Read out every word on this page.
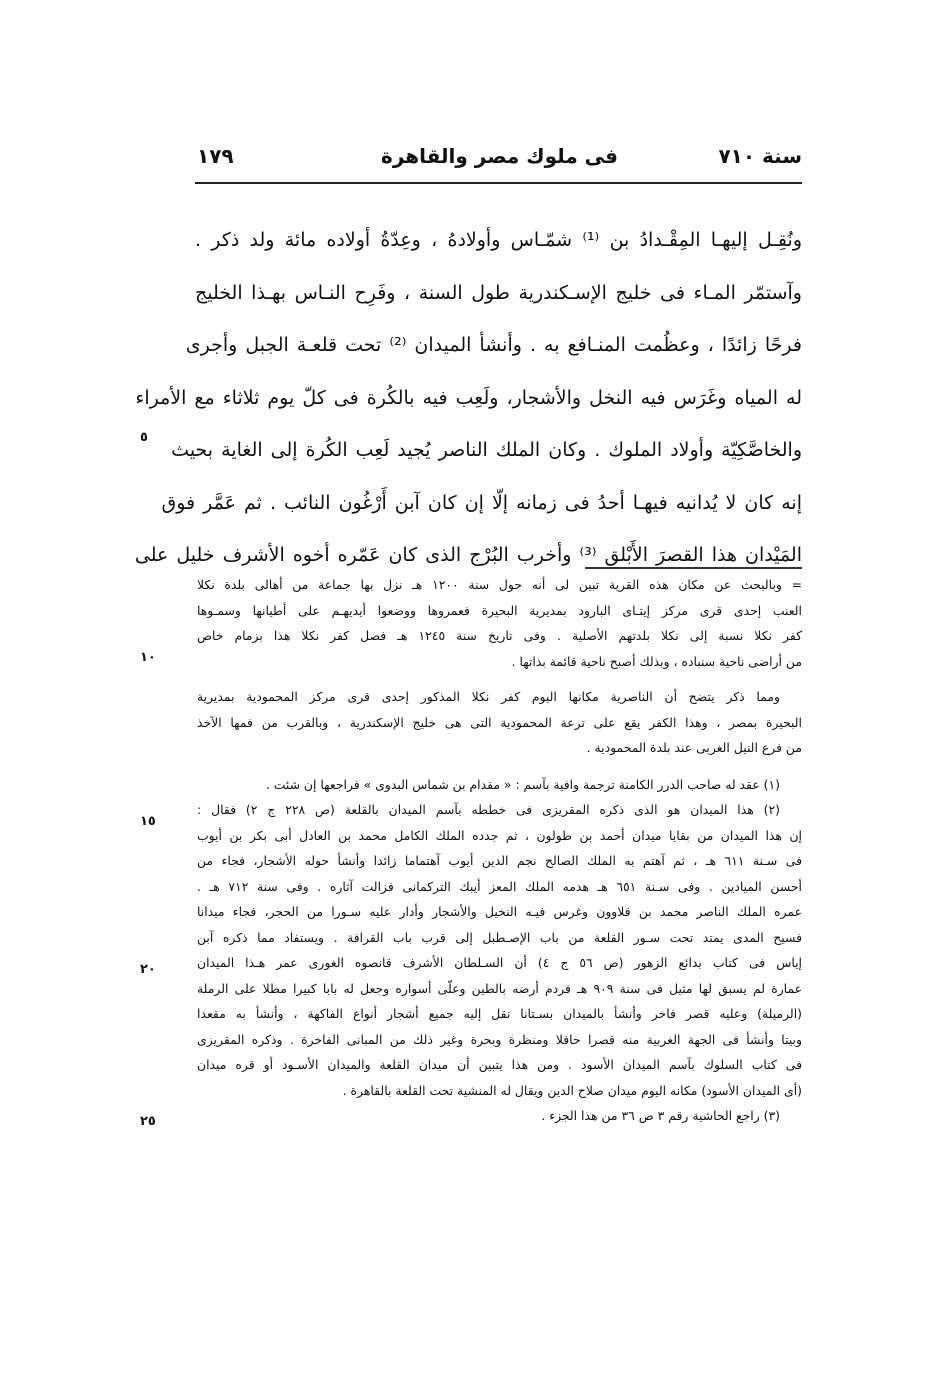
سنة ٧١٠
فى ملوك مصر والقاهرة
١٧٩
ونُقِـل إليهـا المِقْـدادُ بن ⁽¹⁾ شمّـاس وأولادهُ ، وعِدّةُ أولاده مائة ولد ذكر .
وآستمّر المـاء فى خليج الإسـكندرية طول السنة ، وفَرِح النـاس بهـذا الخليج
فرحًا زائدًا ، وعظُمت المنـافع به . وأنشأ الميدان ⁽²⁾ تحت قلعـة الجبل وأجرى
له المياه وغَرَس فيه النخل والأشجار، ولَعِب فيه بالكُرة فى كلّ يوم ثلاثاء مع الأمراء
والخاصَّكِيّة وأولاد الملوك . وكان الملك الناصر يُجيد لَعِب الكُرة إلى الغاية بحيث
إنه كان لا يُدانيه فيهـا أحدُ فى زمانه إلّا إن كان آبن أَرْغُون النائب . ثم عَمَّر فوق
المَيْدان هذا القصرَ الأَبْلق ⁽³⁾ وأخرب البُرْج الذى كان عَمّره أخوه الأشرف خليل على
= وبالبحث عن مكان هذه القرية تبين لى أنه حول سنة ١٢٠٠ هـ نزل بها جماعة من أهالى بلدة نكلا
العنب إحدى قرى مركز إيتـاى البارود بمديرية البحيرة فعمروها ووضعوا أيديهـم على أطيانها وسمـوها
كفر نكلا نسبة إلى نكلا بلدتهم الأصلية . وفى تاريخ سنة ١٢٤٥ هـ فصل كفر نكلا هذا بزمام خاص
من أراضى ناحية سنباده ، وبذلك أصبح ناحية قائمة بذاتها .
ومما ذكر يتضح أن الناصرية مكانها اليوم كفر نكلا المذكور إحدى قرى مركز المحمودية بمديرية
البحيرة بمصر ، وهذا الكفر يقع على ترعة المحمودية التى هى خليج الإسكندرية ، وبالقرب من فمها الآخذ
من فرع النيل الغربى عند بلدة المحمودية .
(١) عقد له صاحب الدرر الكامنة ترجمة وافية بآسم : « مقدام بن شماس البدوى » فراجعها إن شئت .
(٢) هذا الميدان هو الذى ذكره المقريزى فى خططه بآسم الميدان بالقلعة (ص ٢٢٨ ج ٢) فقال :
إن هذا الميدان من بقايا ميدان أحمد بن طولون ، ثم جدده الملك الكامل محمد بن العادل أبى بكر بن أيوب
فى سـنة ٦١١ هـ ، ثم آهتم به الملك الصالح نجم الدين أيوب آهتماما زائدا وأنشأ حوله الأشجار، فجاء من
أحسن الميادين . وفى سـنة ٦٥١ هـ هدمه الملك المعز أيبك التركمانى فزالت آثاره . وفى سنة ٧١٢ هـ .
عمره الملك الناصر محمد بن قلاوون وغرس فيـه النخيل والأشجار وأدار عليه سـورا من الحجر، فجاء ميدانا
فسيح المدى يمتد تحت سـور القلعة من باب الإصـطبل إلى قرب باب القرافة . ويستفاد مما ذكره آبن
إياس فى كتاب بدائع الزهور (ص ٥٦ ج ٤) أن السـلطان الأشرف قانصوه الغورى عمر هـذا الميدان
عمارة لم يسبق لها مثيل فى سنة ٩٠٩ هـ فردم أرضه بالطين وعلّى أسواره وجعل له بابا كبيرا مطلا على الرملة
(الرميلة) وعليه قصر فاخر وأنشأ بالميدان بسـتانا نقل إليه جميع أشجار أنواع الفاكهة ، وأنشأ به مقعدا
وبيتا وأنشأ فى الجهة الغربية منه قصرا حافلا ومنظرة وبحرة وغير ذلك من المبانى الفاخرة . وذكره المقريزى
فى كتاب السلوك بآسم الميدان الأسود . ومن هذا يتبين أن ميدان القلعة والميدان الأسـود أو قره ميدان
(أى الميدان الأسود) مكانه اليوم ميدان صلاح الدين ويقال له المنشية تحت القلعة بالقاهرة .
(٣) راجع الحاشية رقم ٣ ص ٣٦ من هذا الجزء .
٥
١٠
١٥
٢٠
٢٥
